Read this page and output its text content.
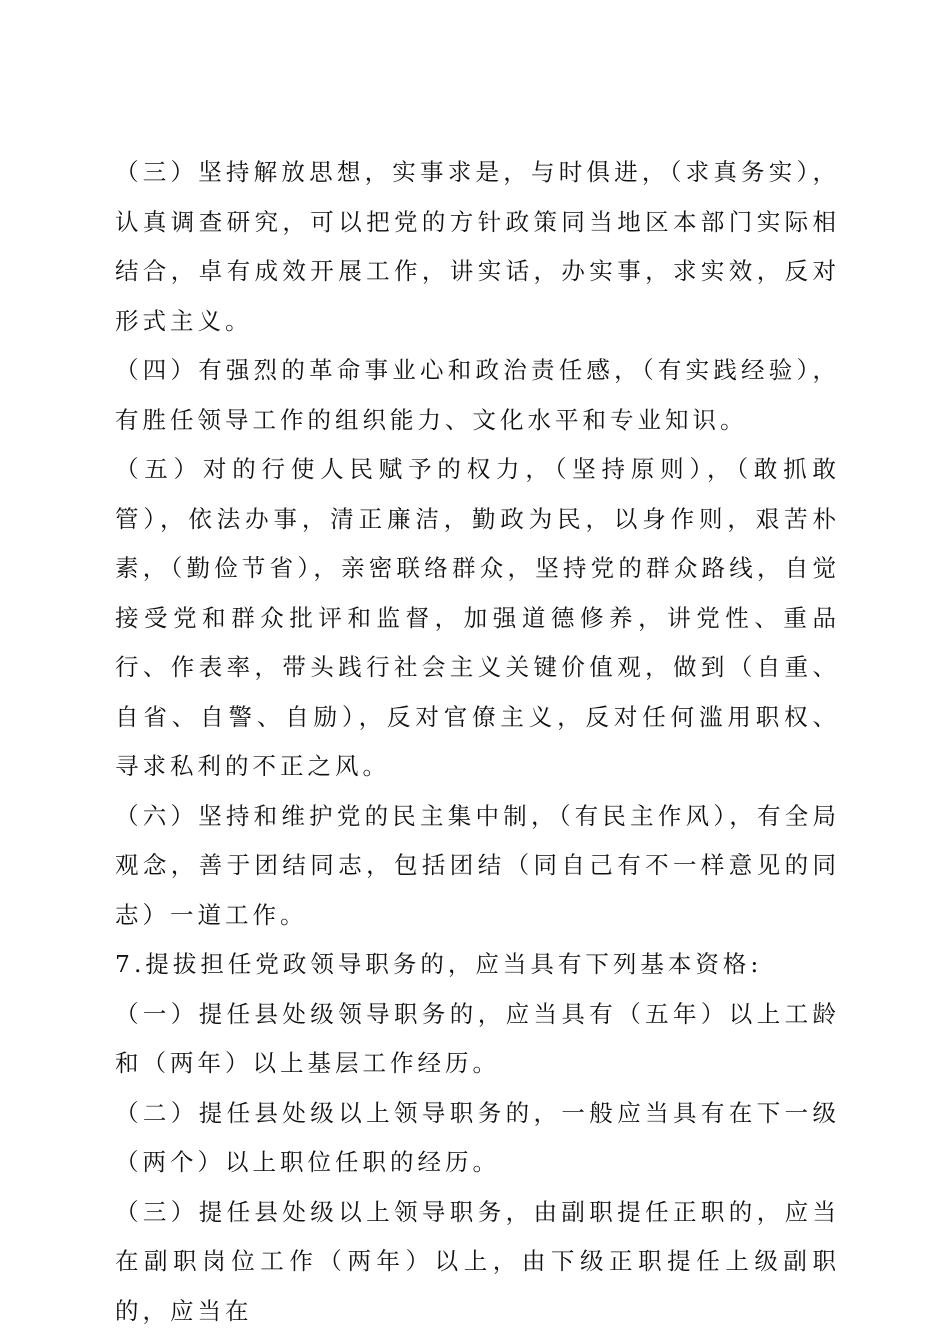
（三）坚持解放思想，实事求是，与时俱进，（求真务实），认真调查研究，可以把党的方针政策同当地区本部门实际相结合，卓有成效开展工作，讲实话，办实事，求实效，反对形式主义。

（四）有强烈的革命事业心和政治责任感，（有实践经验），有胜任领导工作的组织能力、文化水平和专业知识。

（五）对的行使人民赋予的权力，（坚持原则），（敢抓敢管），依法办事，清正廉洁，勤政为民，以身作则，艰苦朴素，（勤俭节省），亲密联络群众，坚持党的群众路线，自觉接受党和群众批评和监督，加强道德修养，讲党性、重品行、作表率，带头践行社会主义关键价值观，做到（自重、自省、自警、自励），反对官僚主义，反对任何滥用职权、寻求私利的不正之风。

（六）坚持和维护党的民主集中制，（有民主作风），有全局观念，善于团结同志，包括团结（同自己有不一样意见的同志）一道工作。

7.提拔担任党政领导职务的，应当具有下列基本资格:

（一）提任县处级领导职务的，应当具有（五年）以上工龄和（两年）以上基层工作经历。

（二）提任县处级以上领导职务的，一般应当具有在下一级（两个）以上职位任职的经历。

（三）提任县处级以上领导职务，由副职提任正职的，应当在副职岗位工作（两年）以上，由下级正职提任上级副职的，应当在
